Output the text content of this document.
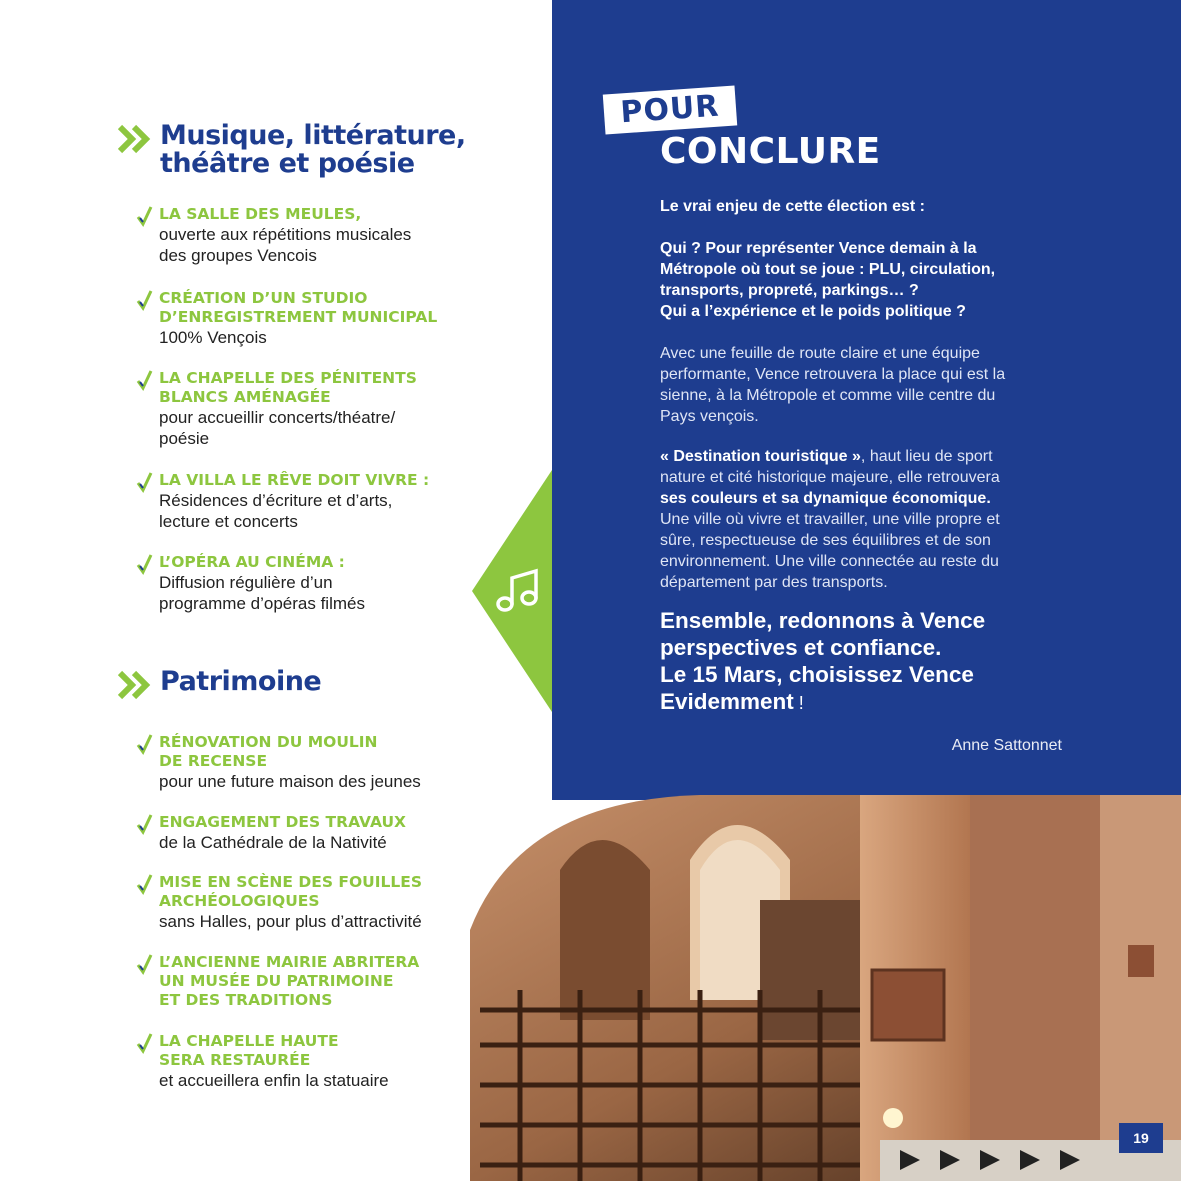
Musique, littérature,
théâtre et poésie
LA SALLE DES MEULES,
ouverte aux répétitions musicales
des groupes Vencois
CRÉATION D’UN STUDIO
D’ENREGISTREMENT MUNICIPAL
100% Vençois
LA CHAPELLE DES PÉNITENTS
BLANCS AMÉNAGÉE
pour accueillir concerts/théatre/
poésie
LA VILLA LE RÊVE DOIT VIVRE :
Résidences d’écriture et d’arts,
lecture et concerts
L’OPÉRA AU CINÉMA :
Diffusion régulière d’un
programme d’opéras filmés
Patrimoine
RÉNOVATION DU MOULIN
DE RECENSE
pour une future maison des jeunes
ENGAGEMENT DES TRAVAUX
de la Cathédrale de la Nativité
MISE EN SCÈNE DES FOUILLES
ARCHÉOLOGIQUES
sans Halles, pour plus d’attractivité
L’ANCIENNE MAIRIE ABRITERA
UN MUSÉE DU PATRIMOINE
ET DES TRADITIONS
LA CHAPELLE HAUTE
SERA RESTAURÉE
et accueillera enfin la statuaire
POUR
CONCLURE
Le vrai enjeu de cette élection est :
Qui ? Pour représenter Vence demain à la
Métropole où tout se joue : PLU, circulation,
transports, propreté, parkings… ?
Qui a l’expérience et le poids politique ?
Avec une feuille de route claire et une équipe
performante, Vence retrouvera la place qui est la
sienne, à la Métropole et comme ville centre du
Pays vençois.
« Destination touristique », haut lieu de sport
nature et cité historique majeure, elle retrouvera
ses couleurs et sa dynamique économique.
Une ville où vivre et travailler, une ville propre et
sûre, respectueuse de ses équilibres et de son
environnement. Une ville connectée au reste du
département par des transports.
Ensemble, redonnons à Vence
perspectives et confiance.
Le 15 Mars, choisissez Vence
Evidemment !
Anne Sattonnet
19
